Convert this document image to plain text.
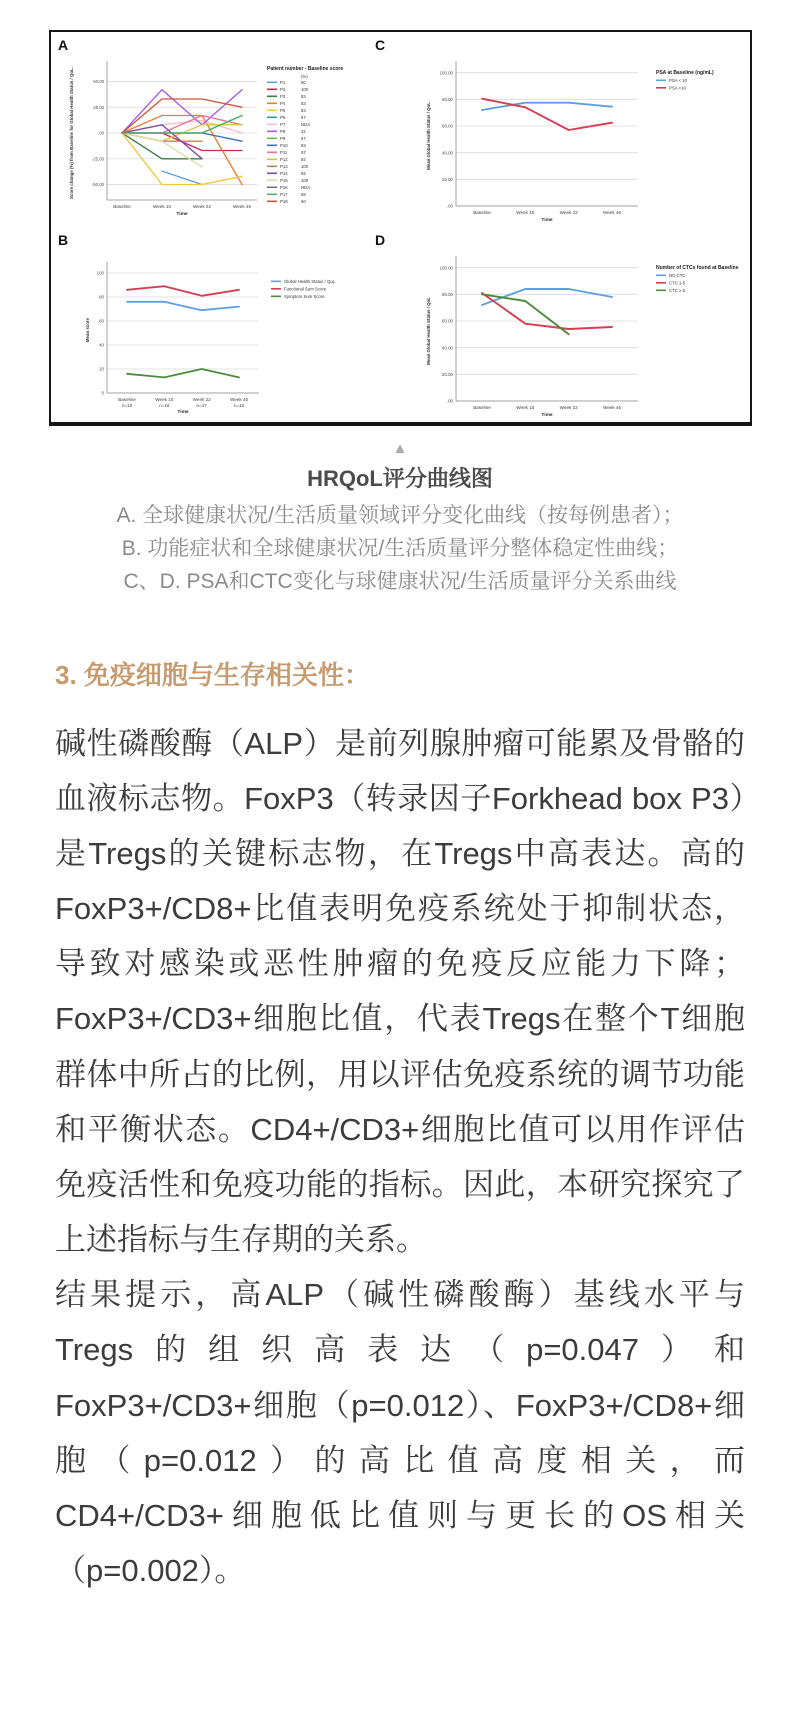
A
50.00
25.00
.00
-25.00
-50.00
Baseline	Week 10	Week 22	Week 46
Time
Score change (%) from Baseline for Global Health Status / QoL.	Patient number - Baseline score
(%)
P1	50
P2	100
P3	83
P4	83
P5	83
P6	67
P7	NDA
P8	42
P9	67
P10	83
P11	67
P12	92
P13	100
P14	92
P15	100
P16	NDA
P17	58
P18	50
C
100.00
80.00
60.00
40.00
20.00
.00
Baseline	Week 10	Week 22	Week 46
Time
Mean Global Health Status / QoL
PSA at Baseline (ng/mL)
PSA < 10
PSA >10
B
100
80
60
40
20
0
Baseline
n=16
Week 10
n=16
Week 22
n=17
Week 46
n=12
Time
Mean score
Global Health Status / QoL
Functional Sum Score
Symptom Sum Score
D
100.00
80.00
60.00
40.00
20.00
.00
Baseline	Week 10	Week 22	Week 46
Time
Mean Global Health Status / QoL
Number of CTCs found at Baseline
NO CTC
CTC 1-5
CTC ≥ 5
▲
HRQoL评分曲线图
A. 全球健康状况/生活质量领域评分变化曲线（按每例患者）；
B. 功能症状和全球健康状况/生活质量评分整体稳定性曲线；
C、D. PSA和CTC变化与球健康状况/生活质量评分关系曲线
3. 免疫细胞与生存相关性：

碱性磷酸酶（ALP）是前列腺肿瘤可能累及骨骼的血液标志物。FoxP3（转录因子Forkhead box P3）是Tregs的关键标志物，在Tregs中高表达。高的FoxP3+/CD8+比值表明免疫系统处于抑制状态，导致对感染或恶性肿瘤的免疫反应能力下降；FoxP3+/CD3+细胞比值，代表Tregs在整个T细胞群体中所占的比例，用以评估免疫系统的调节功能和平衡状态。CD4+/CD3+细胞比值可以用作评估免疫活性和免疫功能的指标。因此，本研究探究了上述指标与生存期的关系。

结果提示，高ALP（碱性磷酸酶）基线水平与Tregs的组织高表达（p=0.047）和FoxP3+/CD3+细胞（p=0.012）、FoxP3+/CD8+细胞（p=0.012）的高比值高度相关，而CD4+/CD3+细胞低比值则与更长的OS相关（p=0.002）。
